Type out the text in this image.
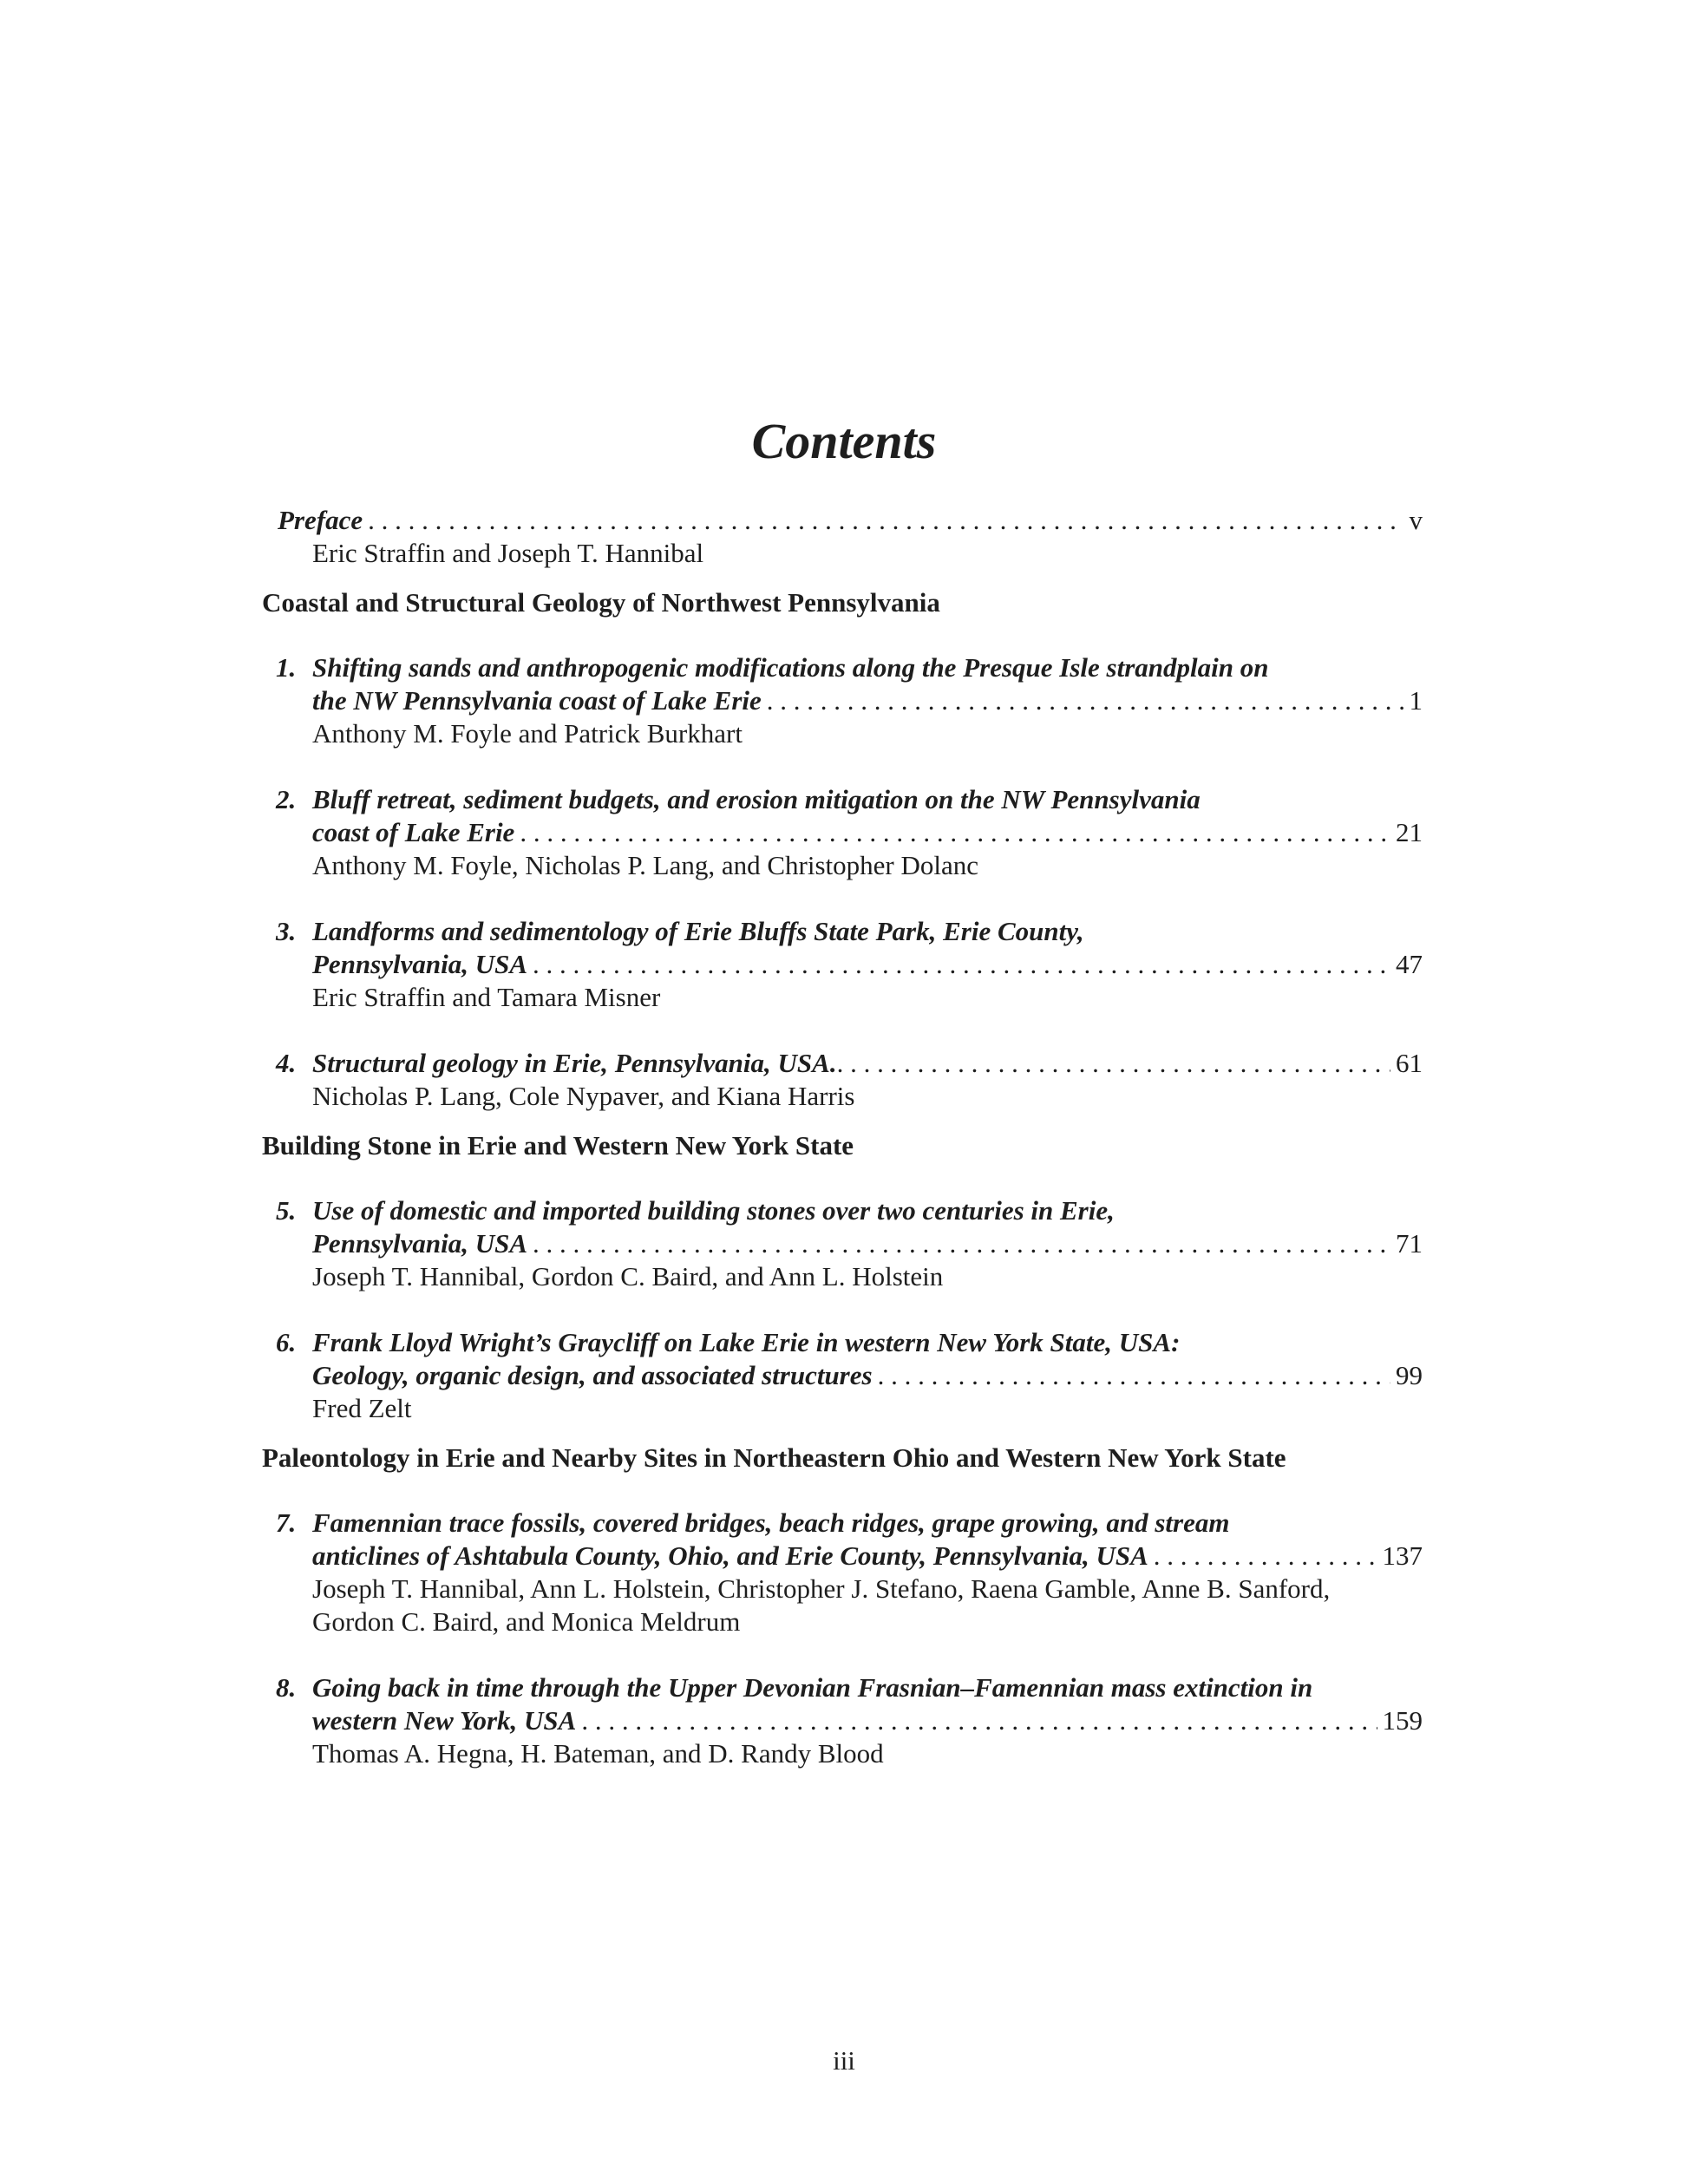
Contents
Preface . . .	v
Eric Straffin and Joseph T. Hannibal
Coastal and Structural Geology of Northwest Pennsylvania
1. Shifting sands and anthropogenic modifications along the Presque Isle strandplain on
the NW Pennsylvania coast of Lake Erie . . .	1
Anthony M. Foyle and Patrick Burkhart
2. Bluff retreat, sediment budgets, and erosion mitigation on the NW Pennsylvania
coast of Lake Erie . . .	21
Anthony M. Foyle, Nicholas P. Lang, and Christopher Dolanc
3. Landforms and sedimentology of Erie Bluffs State Park, Erie County,
Pennsylvania, USA . . .	47
Eric Straffin and Tamara Misner
4. Structural geology in Erie, Pennsylvania, USA. . . .	61
Nicholas P. Lang, Cole Nypaver, and Kiana Harris
Building Stone in Erie and Western New York State
5. Use of domestic and imported building stones over two centuries in Erie,
Pennsylvania, USA . . .	71
Joseph T. Hannibal, Gordon C. Baird, and Ann L. Holstein
6. Frank Lloyd Wright’s Graycliff on Lake Erie in western New York State, USA:
Geology, organic design, and associated structures . . .	99
Fred Zelt
Paleontology in Erie and Nearby Sites in Northeastern Ohio and Western New York State
7. Famennian trace fossils, covered bridges, beach ridges, grape growing, and stream
anticlines of Ashtabula County, Ohio, and Erie County, Pennsylvania, USA . . .	137
Joseph T. Hannibal, Ann L. Holstein, Christopher J. Stefano, Raena Gamble, Anne B. Sanford,
Gordon C. Baird, and Monica Meldrum
8. Going back in time through the Upper Devonian Frasnian–Famennian mass extinction in
western New York, USA . . .	159
Thomas A. Hegna, H. Bateman, and D. Randy Blood
iii
